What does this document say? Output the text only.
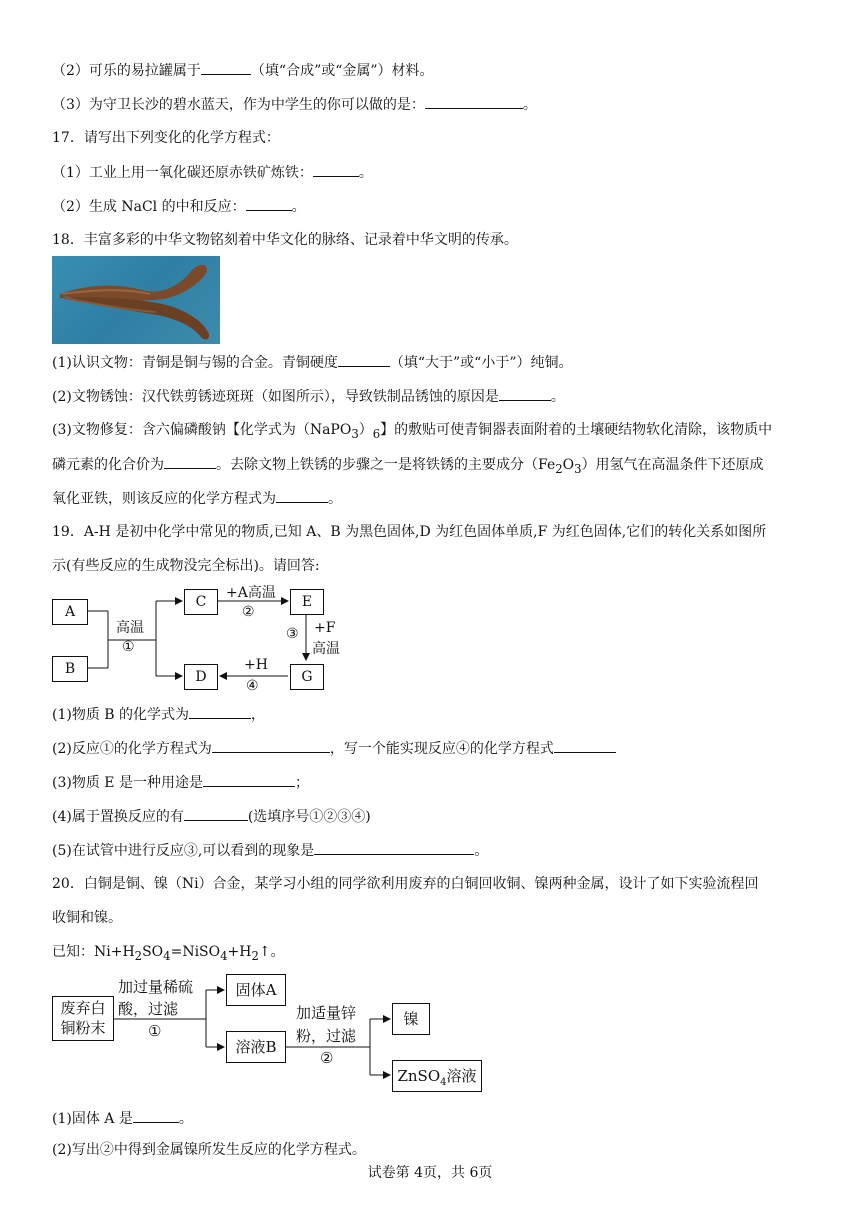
（2）可乐的易拉罐属于	（填“合成”或“金属”）材料。
（3）为守卫长沙的碧水蓝天，作为中学生的你可以做的是：	。
17．请写出下列变化的化学方程式：
（1）工业上用一氧化碳还原赤铁矿炼铁：	。
（2）生成 NaCl 的中和反应：	。
18．丰富多彩的中华文物铭刻着中华文化的脉络、记录着中华文明的传承。
(1)认识文物：青铜是铜与锡的合金。青铜硬度	（填“大于”或“小于”）纯铜。
(2)文物锈蚀：汉代铁剪锈迹斑斑（如图所示），导致铁制品锈蚀的原因是	。
(3)文物修复：含六偏磷酸钠【化学式为$(NaPO_3)_6$】的敷贴可使青铜器表面附着的土壤硬结物软化清除，该物质中
磷元素的化合价为	。去除文物上铁锈的步骤之一是将铁锈的主要成分$(Fe_2O_3)$用氢气在高温条件下还原成
氧化亚铁，则该反应的化学方程式为	。
19．A-H 是初中化学中常见的物质,已知 A、B 为黑色固体,D 为红色固体单质,F 为红色固体,它们的转化关系如图所
示(有些反应的生成物没完全标出)。请回答:
A
B
C	E
D	G
高温
①
+A高温
②
③ +F
高温
+H
④
(1)物质 B 的化学式为	，
(2)反应①的化学方程式为	，写一个能实现反应④的化学方程式
(3)物质 E 是一种用途是	；
(4)属于置换反应的有	(选填序号①②③④)
(5)在试管中进行反应③,可以看到的现象是	。
20．白铜是铜、镍（Ni）合金，某学习小组的同学欲利用废弃的白铜回收铜、镍两种金属，设计了如下实验流程回
收铜和镍。
已知：$Ni+H_2SO_4=NiSO_4+H_2↑$。
废弃白
铜粉末
加过量稀硫
酸，过滤
①
固体A
溶液B
加适量锌
粉，过滤
②
镍
ZnSO$_4$溶液
(1)固体 A 是	。
(2)写出②中得到金属镍所发生反应的化学方程式。
试卷第 4页，共 6页
